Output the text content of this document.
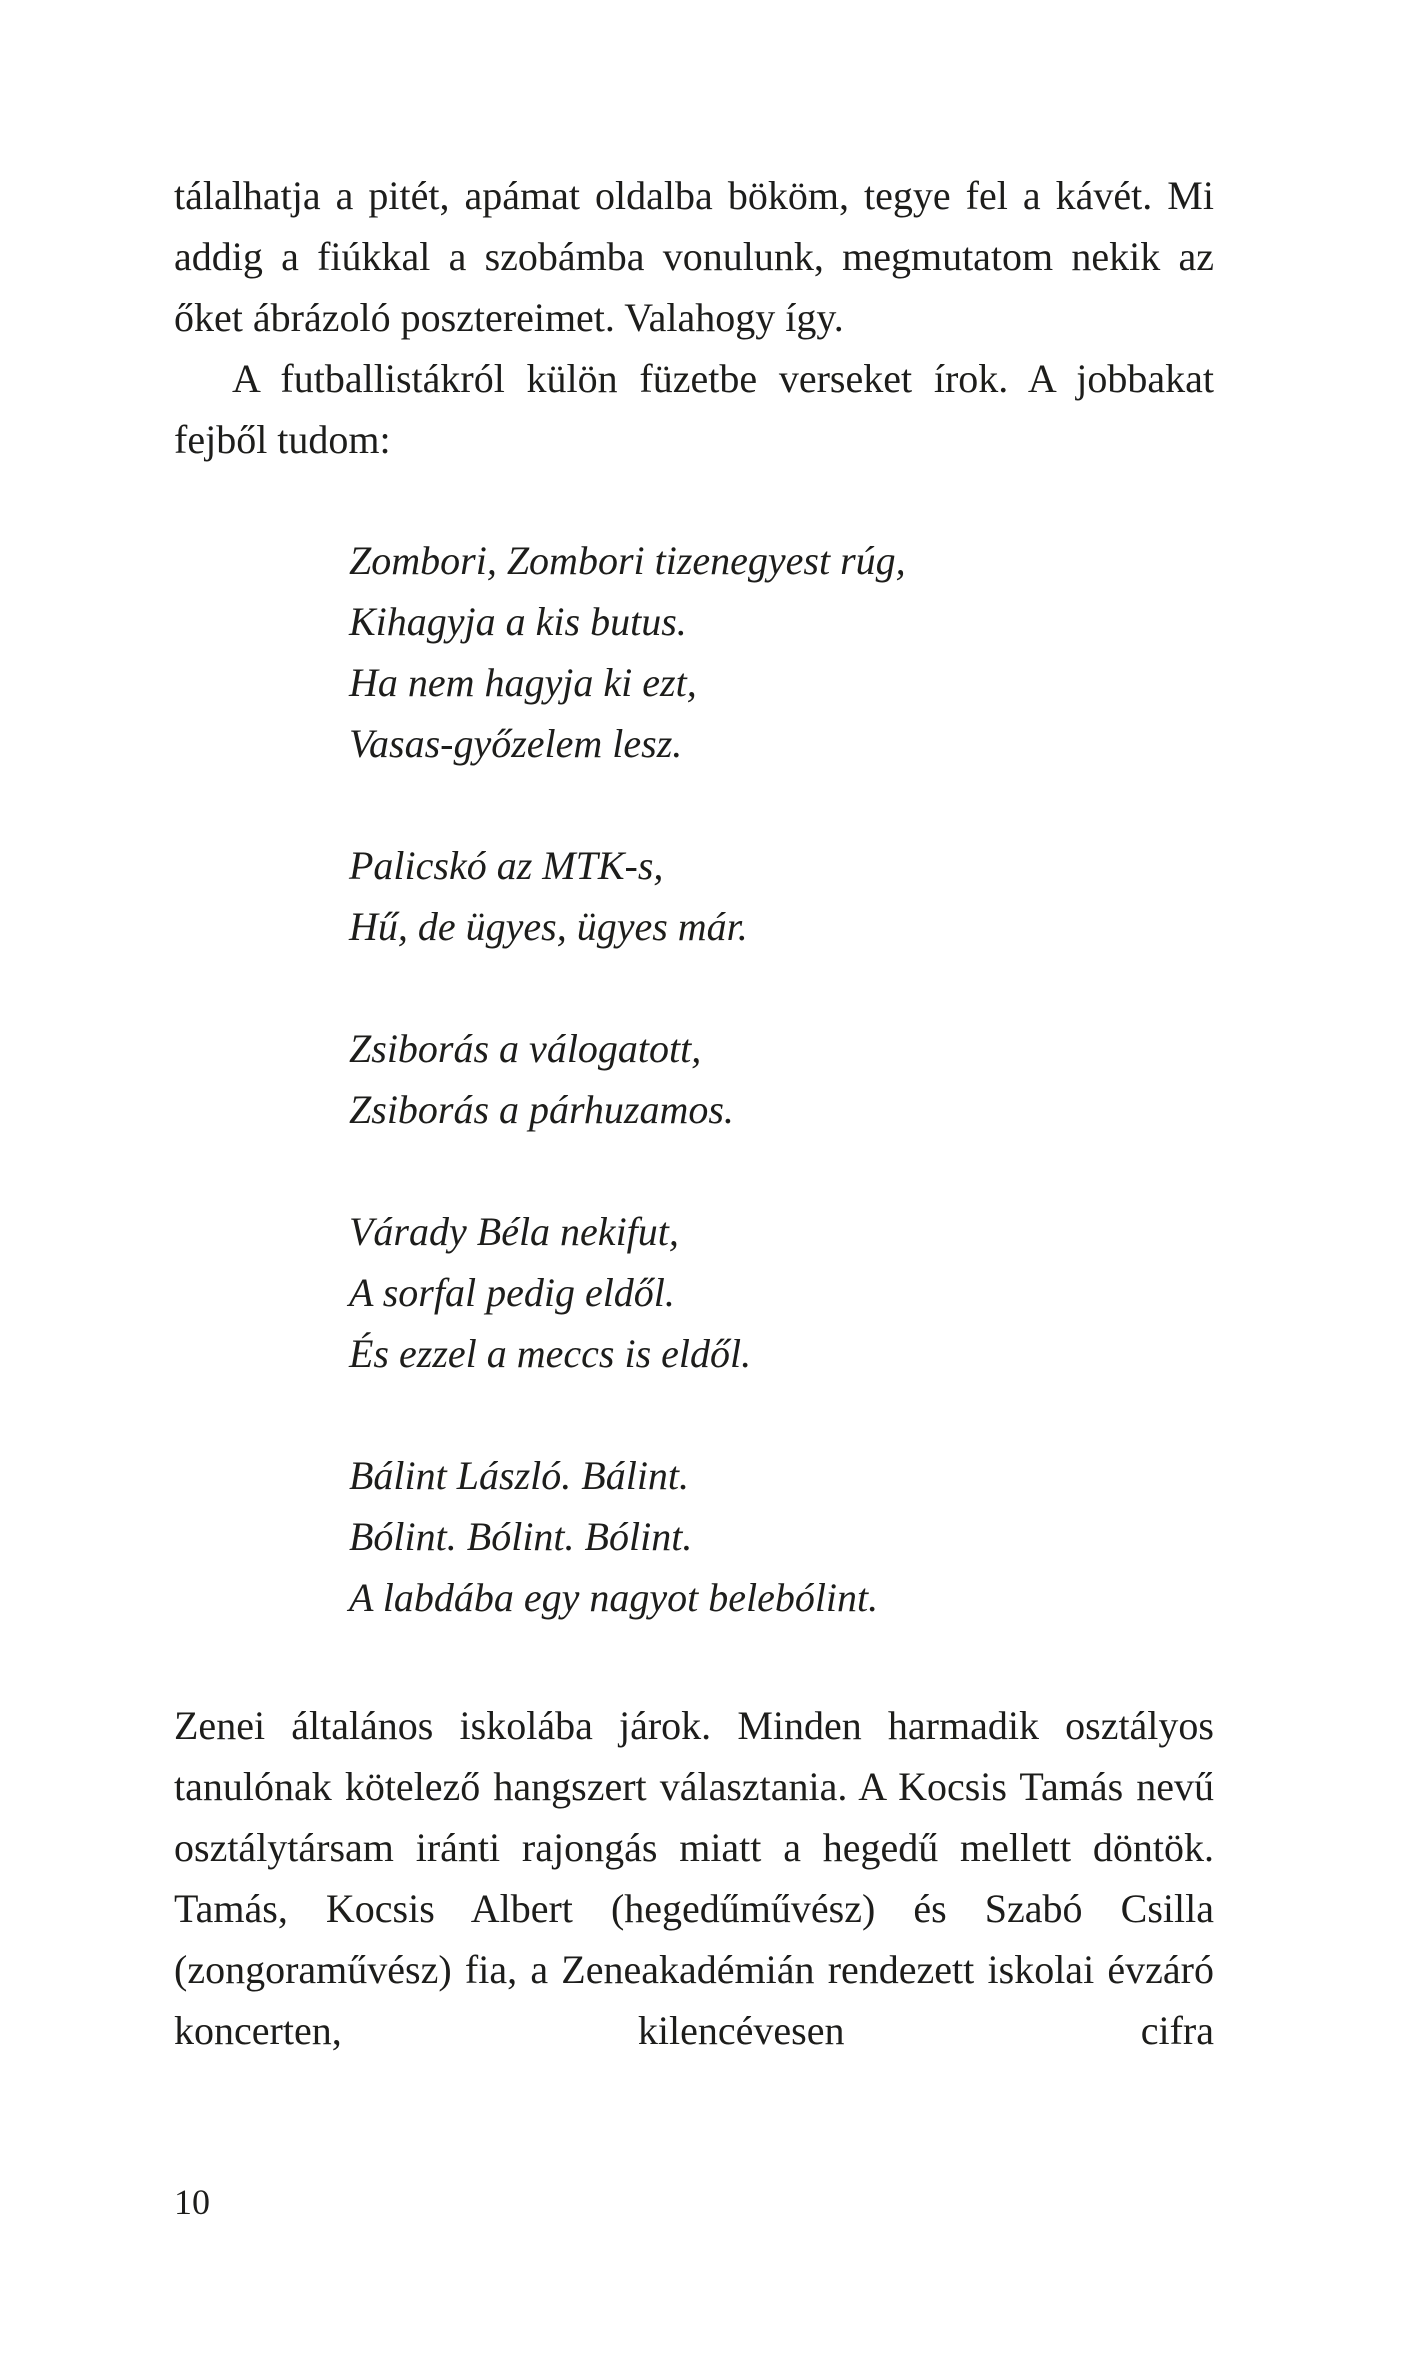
tálalhatja a pitét, apámat oldalba bököm, tegye fel a kávét. Mi addig a fiúkkal a szobámba vonulunk, megmutatom nekik az őket ábrázoló posztereimet. Valahogy így.

A futballistákról külön füzetbe verseket írok. A jobbakat fejből tudom:

Zombori, Zombori tizenegyest rúg,
Kihagyja a kis butus.
Ha nem hagyja ki ezt,
Vasas-győzelem lesz.
Palicskó az MTK-s,
Hű, de ügyes, ügyes már.
Zsiborás a válogatott,
Zsiborás a párhuzamos.
Várady Béla nekifut,
A sorfal pedig eldől.
És ezzel a meccs is eldől.
Bálint László. Bálint.
Bólint. Bólint. Bólint.
A labdába egy nagyot belebólint.

Zenei általános iskolába járok. Minden harmadik osztályos tanulónak kötelező hangszert választania. A Kocsis Tamás nevű osztálytársam iránti rajongás miatt a hegedű mellett döntök. Tamás, Kocsis Albert (hegedűművész) és Szabó Csilla (zongoraművész) fia, a Zeneakadémián rendezett iskolai évzáró koncerten, kilencévesen cifra

10
